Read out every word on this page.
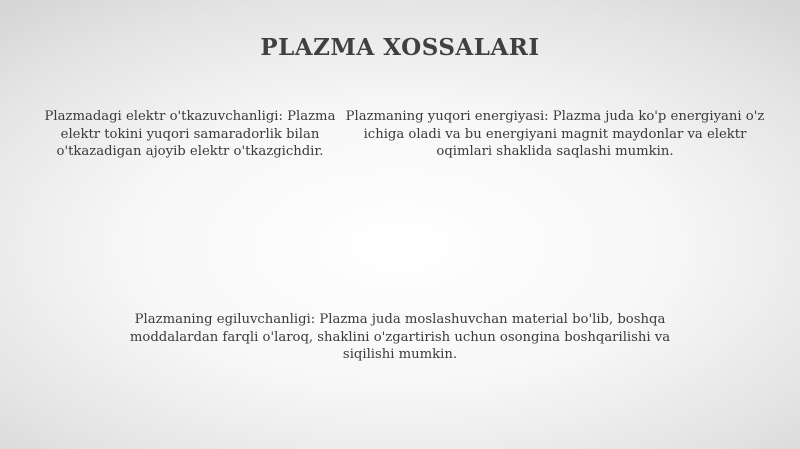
PLAZMA XOSSALARI
Plazmadagi elektr o'tkazuvchanligi: Plazma elektr tokini yuqori samaradorlik bilan o'tkazadigan ajoyib elektr o'tkazgichdir.
Plazmaning yuqori energiyasi: Plazma juda ko'p energiyani o'z ichiga oladi va bu energiyani magnit maydonlar va elektr oqimlari shaklida saqlashi mumkin.
Plazmaning egiluvchanligi: Plazma juda moslashuvchan material bo'lib, boshqa moddalardan farqli o'laroq, shaklini o'zgartirish uchun osongina boshqarilishi va siqilishi mumkin.
